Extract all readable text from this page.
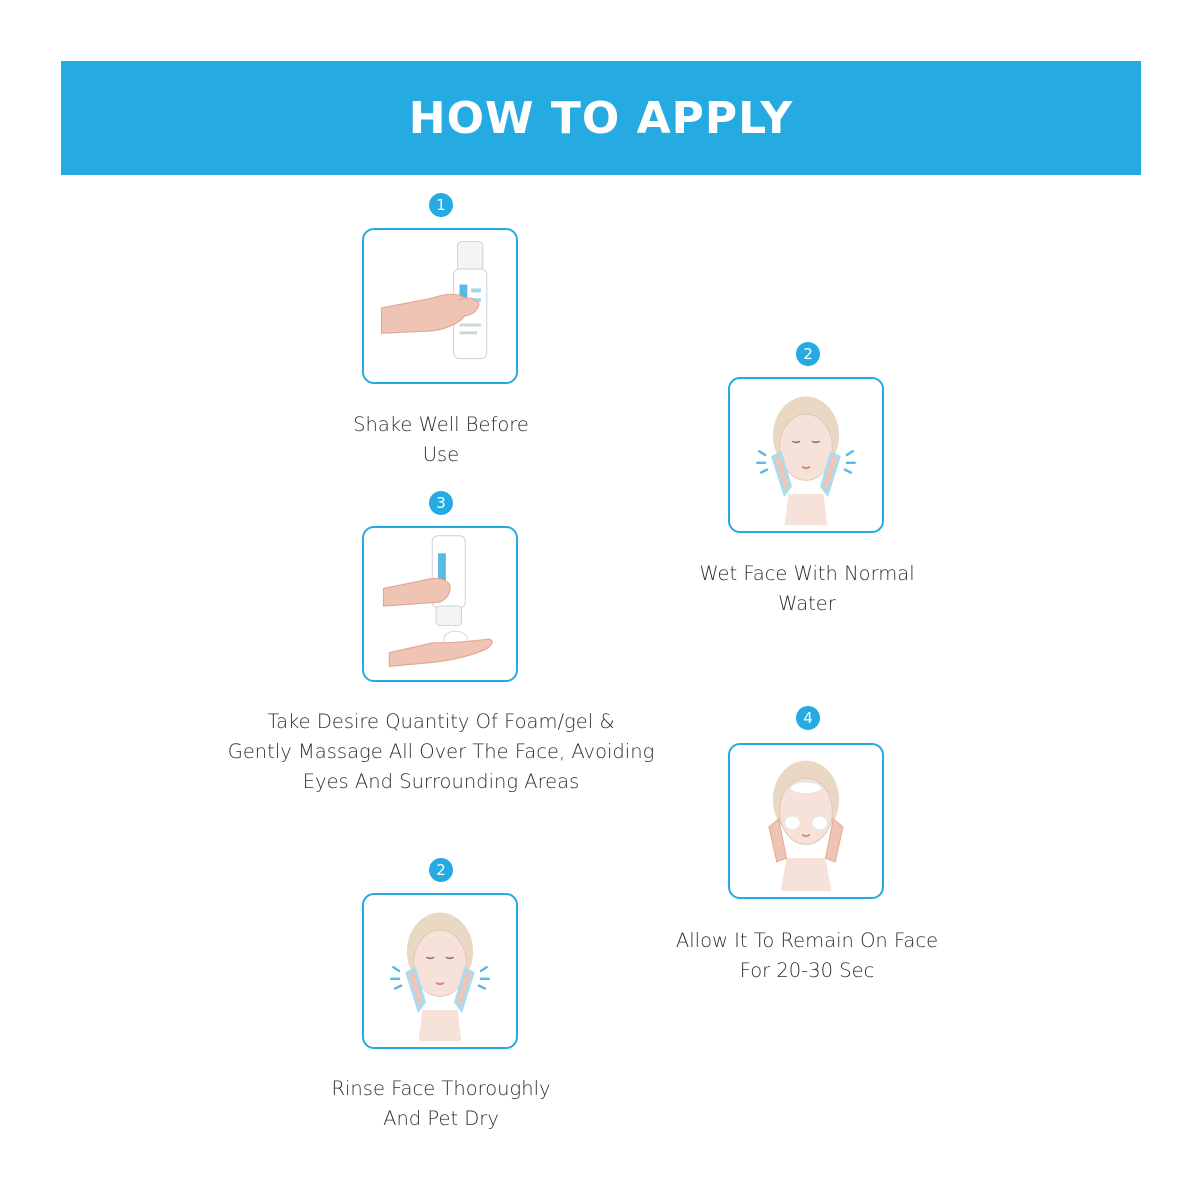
HOW TO APPLY
1
Shake Well Before
Use
2
Wet Face With Normal
Water
3
Take Desire Quantity Of Foam/gel &
Gently Massage All Over The Face, Avoiding
Eyes And Surrounding Areas
4
Allow It To Remain On Face
For 20-30 Sec
2
Rinse Face Thoroughly
And Pet Dry
